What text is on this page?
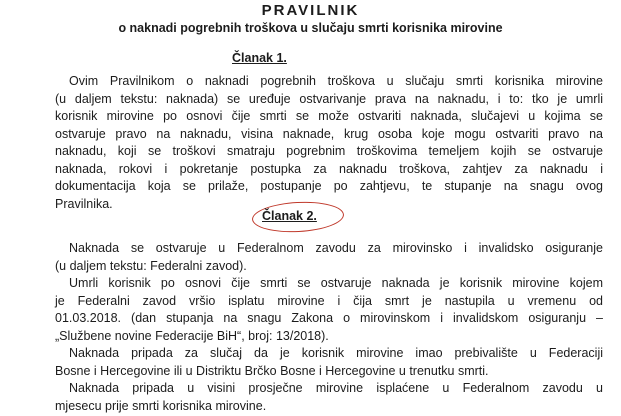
PRAVILNIK
o naknadi pogrebnih troškova u slučaju smrti korisnika mirovine
Članak 1.
Ovim Pravilnikom o naknadi pogrebnih troškova u slučaju smrti korisnika mirovine
(u daljem tekstu: naknada) se uređuje ostvarivanje prava na naknadu, i to: tko je umrli
korisnik mirovine po osnovi čije smrti se može ostvariti naknada, slučajevi u kojima se
ostvaruje pravo na naknadu, visina naknade, krug osoba koje mogu ostvariti pravo na
naknadu, koji se troškovi smatraju pogrebnim troškovima temeljem kojih se ostvaruje
naknada, rokovi i pokretanje postupka za naknadu troškova, zahtjev za naknadu i
dokumentacija koja se prilaže, postupanje po zahtjevu, te stupanje na snagu ovog
Pravilnika.
Članak 2.
Naknada se ostvaruje u Federalnom zavodu za mirovinsko i invalidsko osiguranje
(u daljem tekstu: Federalni zavod).
Umrli korisnik po osnovi čije smrti se ostvaruje naknada je korisnik mirovine kojem
je Federalni zavod vršio isplatu mirovine i čija smrt je nastupila u vremenu od
01.03.2018. (dan stupanja na snagu Zakona o mirovinskom i invalidskom osiguranju –
„Službene novine Federacije BiH“, broj: 13/2018).
Naknada pripada za slučaj da je korisnik mirovine imao prebivalište u Federaciji
Bosne i Hercegovine ili u Distriktu Brčko Bosne i Hercegovine u trenutku smrti.
Naknada pripada u visini prosječne mirovine isplaćene u Federalnom zavodu u
mjesecu prije smrti korisnika mirovine.
